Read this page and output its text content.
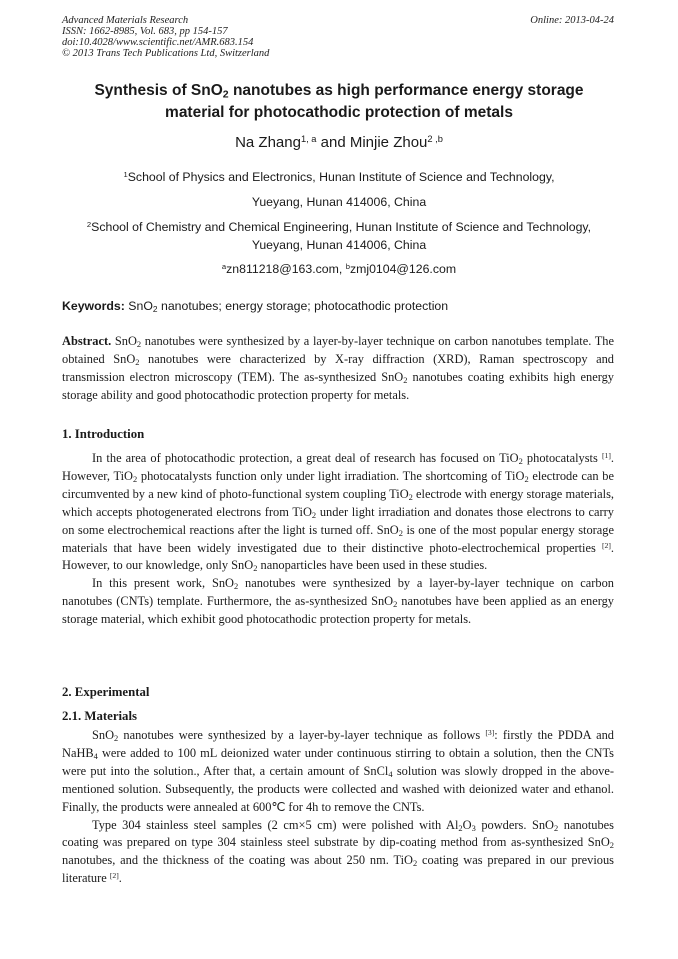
Advanced Materials Research
ISSN: 1662-8985, Vol. 683, pp 154-157
doi:10.4028/www.scientific.net/AMR.683.154
© 2013 Trans Tech Publications Ltd, Switzerland
Online: 2013-04-24
Synthesis of SnO$_2$ nanotubes as high performance energy storage
material for photocathodic protection of metals
Na Zhang$^{1, a}$ and Minjie Zhou$^{2 ,b}$
$^1$School of Physics and Electronics, Hunan Institute of Science and Technology,
Yueyang, Hunan 414006, China
$^2$School of Chemistry and Chemical Engineering, Hunan Institute of Science and Technology,
Yueyang, Hunan 414006, China
$^a$zn811218@163.com, $^b$zmj0104@126.com
Keywords: SnO$_2$ nanotubes; energy storage; photocathodic protection

Abstract. SnO$_2$ nanotubes were synthesized by a layer-by-layer technique on carbon nanotubes template. The obtained SnO$_2$ nanotubes were characterized by X-ray diffraction (XRD), Raman spectroscopy and transmission electron microscopy (TEM). The as-synthesized SnO$_2$ nanotubes coating exhibits high energy storage ability and good photocathodic protection property for metals.

1. Introduction

In the area of photocathodic protection, a great deal of research has focused on TiO$_2$ photocatalysts [1]. However, TiO$_2$ photocatalysts function only under light irradiation. The shortcoming of TiO$_2$ electrode can be circumvented by a new kind of photo-functional system coupling TiO$_2$ electrode with energy storage materials, which accepts photogenerated electrons from TiO$_2$ under light irradiation and donates those electrons to carry on some electrochemical reactions after the light is turned off. SnO$_2$ is one of the most popular energy storage materials that have been widely investigated due to their distinctive photo-electrochemical properties [2]. However, to our knowledge, only SnO$_2$ nanoparticles have been used in these studies.

In this present work, SnO$_2$ nanotubes were synthesized by a layer-by-layer technique on carbon nanotubes (CNTs) template. Furthermore, the as-synthesized SnO$_2$ nanotubes have been applied as an energy storage material, which exhibit good photocathodic protection property for metals.

2. Experimental
2.1. Materials

SnO$_2$ nanotubes were synthesized by a layer-by-layer technique as follows [3]: firstly the PDDA and NaHB$_4$ were added to 100 mL deionized water under continuous stirring to obtain a solution, then the CNTs were put into the solution., After that, a certain amount of SnCl$_4$ solution was slowly dropped in the above-mentioned solution. Subsequently, the products were collected and washed with deionized water and ethanol. Finally, the products were annealed at 600℃ for 4h to remove the CNTs.

Type 304 stainless steel samples (2 cm×5 cm) were polished with $Al_2O_3$ powders. SnO$_2$ nanotubes coating was prepared on type 304 stainless steel substrate by dip-coating method from as-synthesized SnO$_2$ nanotubes, and the thickness of the coating was about 250 nm. TiO$_2$ coating was prepared in our previous literature [2].
